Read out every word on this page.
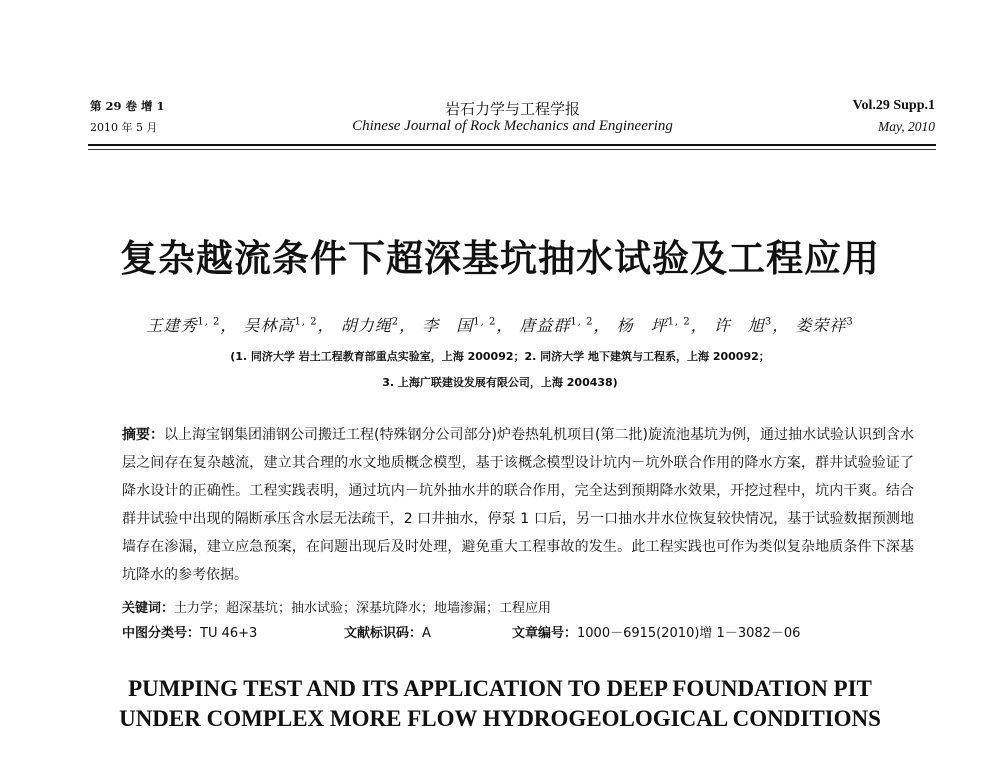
第 29 卷 增 1
2010 年 5 月
岩石力学与工程学报
Chinese Journal of Rock Mechanics and Engineering
Vol.29 Supp.1
May, 2010
复杂越流条件下超深基坑抽水试验及工程应用
王建秀$^{1, 2}$， 吴林高$^{1, 2}$， 胡力绳$^2$， 李　国$^{1, 2}$， 唐益群$^{1, 2}$， 杨　坪$^{1, 2}$， 许　旭$^3$， 娄荣祥$^3$
(1. 同济大学 岩土工程教育部重点实验室，上海 200092；2. 同济大学 地下建筑与工程系，上海 200092；
3. 上海广联建设发展有限公司，上海 200438)
摘要：以上海宝钢集团浦钢公司搬迁工程(特殊钢分公司部分)炉卷热轧机项目(第二批)旋流池基坑为例，通过抽水试验认识到含水层之间存在复杂越流，建立其合理的水文地质概念模型，基于该概念模型设计坑内－坑外联合作用的降水方案，群井试验验证了降水设计的正确性。工程实践表明，通过坑内－坑外抽水井的联合作用，完全达到预期降水效果，开挖过程中，坑内干爽。结合群井试验中出现的隔断承压含水层无法疏干，2 口井抽水，停泵 1 口后，另一口抽水井水位恢复较快情况，基于试验数据预测地墙存在渗漏，建立应急预案，在问题出现后及时处理，避免重大工程事故的发生。此工程实践也可作为类似复杂地质条件下深基坑降水的参考依据。
关键词：土力学；超深基坑；抽水试验；深基坑降水；地墙渗漏；工程应用
中图分类号：TU 46+3	文献标识码：A	文章编号：1000－6915(2010)增 1－3082－06
PUMPING TEST AND ITS APPLICATION TO DEEP FOUNDATION PIT
UNDER COMPLEX MORE FLOW HYDROGEOLOGICAL CONDITIONS
